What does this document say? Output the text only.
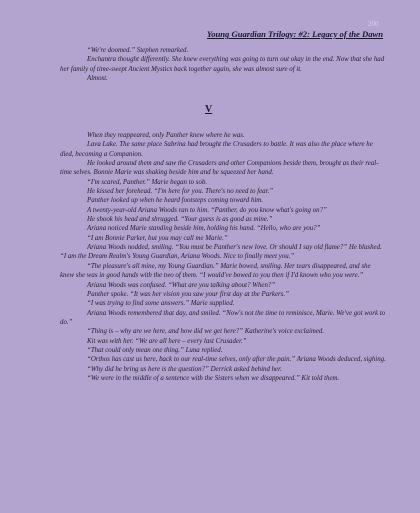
200
Young Guardian Trilogy: #2: Legacy of the Dawn

“We're doomed.” Stephen remarked.

Enchantra thought differently. She knew everything was going to turn out okay in the end. Now that she had her family of time-swept Ancient Mystics back together again, she was almost sure of it.

Almost.

V

When they reappeared, only Panther knew where he was.

Lava Lake. The same place Sabrina had brought the Crusaders to battle. It was also the place where he died, becoming a Companion.

He looked around them and saw the Crusaders and other Companions beside them, brought as their real-time selves. Bonnie Marie was shaking beside him and he squeezed her hand.

“I'm scared, Panther.” Marie began to sob.

He kissed her forehead. “I'm here for you. There's no need to fear.”

Panther looked up when he heard footsteps coming toward him.

A twenty-year-old Ariana Woods ran to him. “Panther, do you know what's going on?”

He shook his head and shrugged. “Your guess is as good as mine.”

Ariana noticed Marie standing beside him, holding his hand. “Hello, who are you?”

“I am Bonnie Parker, but you may call me Marie.”

Ariana Woods nodded, smiling. “You must be Panther's new love. Or should I say old flame?” He blushed. “I am the Dream Realm's Young Guardian, Ariana Woods. Nice to finally meet you.”

“The pleasure's all mine, my Young Guardian.” Marie bowed, smiling. Her tears disappeared, and she knew she was in good hands with the two of them. “I would've bowed to you then if I'd known who you were.”

Ariana Woods was confused. “What are you talking about? When?”

Panther spoke. “It was her vision you saw your first day at the Parkers.”

“I was trying to find some answers.” Marie supplied.

Ariana Woods remembered that day, and smiled. “Now's not the time to reminisce, Marie. We've got work to do.”

“Thing is – why are we here, and how did we get here?” Katherine's voice exclaimed.

Kit was with her. “We are all here – every last Crusader.”

“That could only mean one thing.” Luna replied.

“Orthos has cast us here, back to our real-time selves, only after the pain.” Ariana Woods deduced, sighing.

“Why did he bring us here is the question?” Derrick asked behind her.

“We were in the middle of a sentence with the Sisters when we disappeared.” Kit told them.
